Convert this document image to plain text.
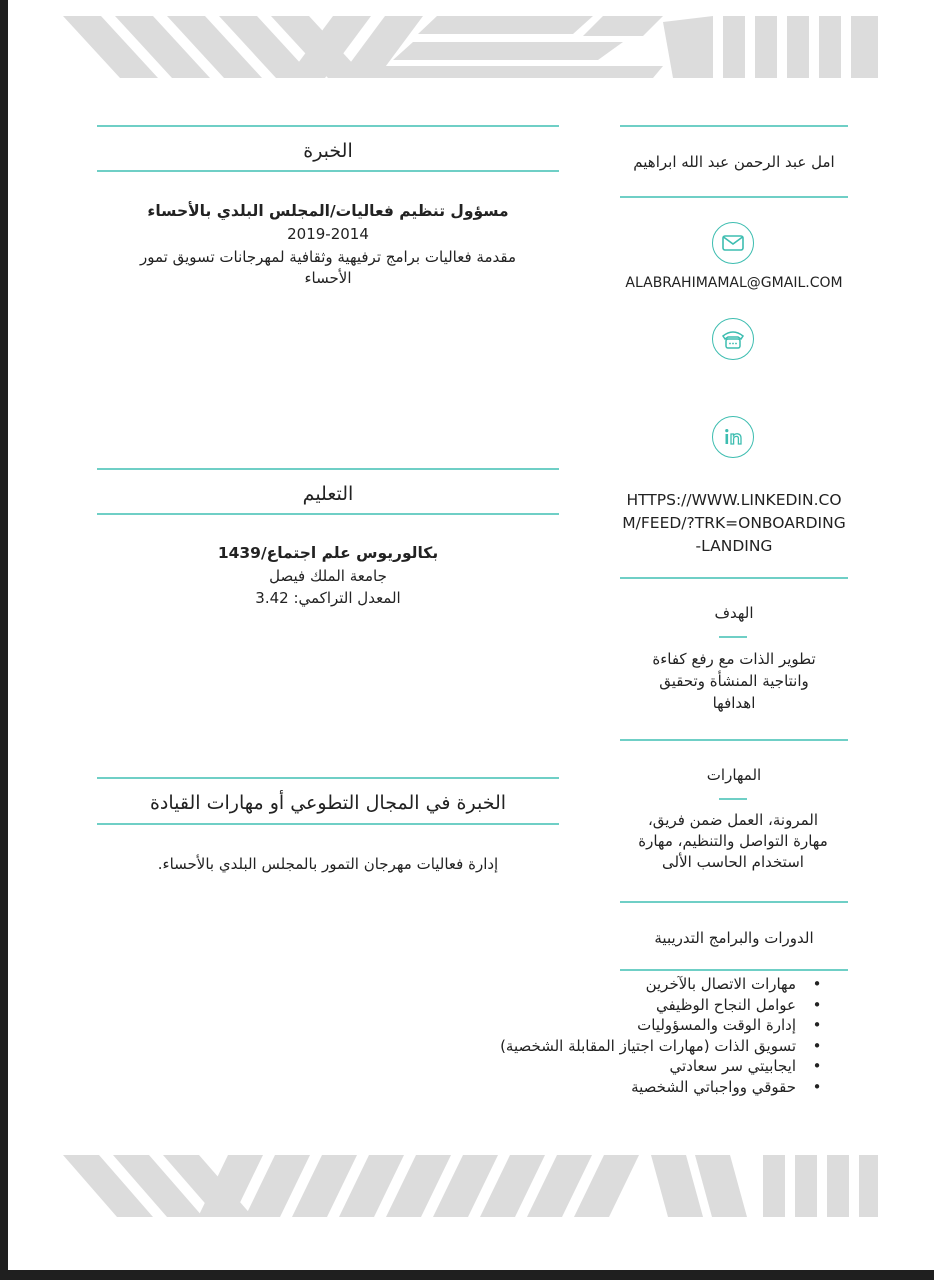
امل عبد الرحمن عبد الله ابراهيم
ALABRAHIMAMAL@GMAIL.COM
HTTPS://WWW.LINKEDIN.CO
M/FEED/?TRK=ONBOARDING
-LANDING
الهدف
تطوير الذات مع رفع كفاءة
وانتاجية المنشأة وتحقيق
اهدافها
المهارات
المرونة، العمل ضمن فريق،
مهارة التواصل والتنظيم، مهارة
استخدام الحاسب الألى
الدورات والبرامج التدريبية
• مهارات الاتصال بالآخرين
• عوامل النجاح الوظيفي
• إدارة الوقت والمسؤوليات
• تسويق الذات (مهارات اجتياز المقابلة الشخصية)
• ايجابيتي سر سعادتي
• حقوقي وواجباتي الشخصية
الخبرة
مسؤول تنظيم فعاليات/المجلس البلدي بالأحساء
2019-2014
مقدمة فعاليات برامج ترفيهية وثقافية لمهرجانات تسويق تمور
الأحساء
التعليم
بكالوريوس علم اجتماع/1439
جامعة الملك فيصل
المعدل التراكمي: 3.42
الخبرة في المجال التطوعي أو مهارات القيادة
إدارة فعاليات مهرجان التمور بالمجلس البلدي بالأحساء.
